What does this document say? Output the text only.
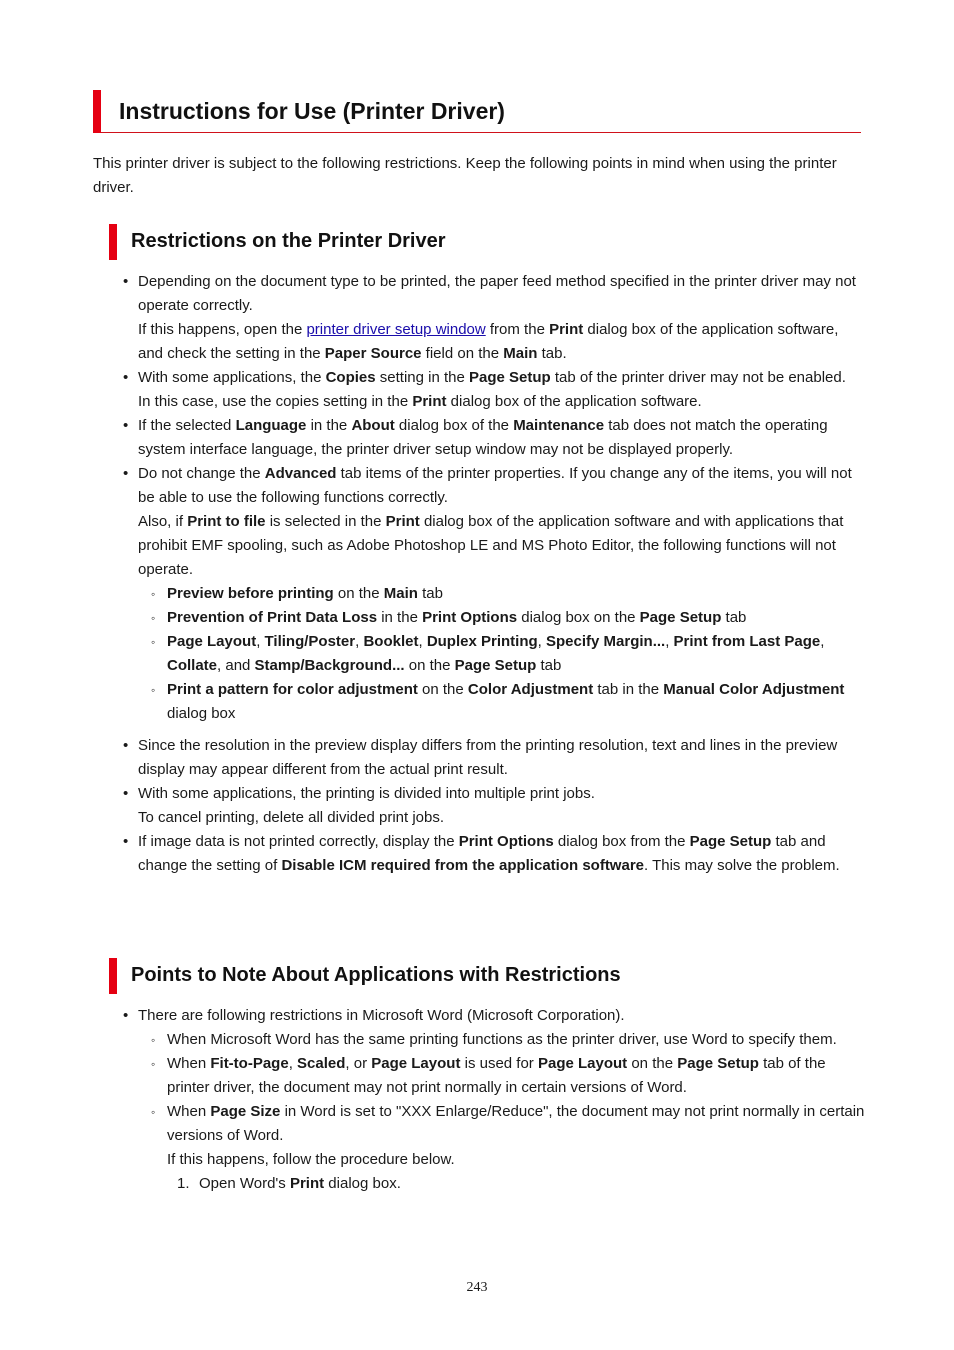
Instructions for Use (Printer Driver)
This printer driver is subject to the following restrictions. Keep the following points in mind when using the printer driver.
Restrictions on the Printer Driver
• Depending on the document type to be printed, the paper feed method specified in the printer driver may not operate correctly.
If this happens, open the printer driver setup window from the Print dialog box of the application software, and check the setting in the Paper Source field on the Main tab.
• With some applications, the Copies setting in the Page Setup tab of the printer driver may not be enabled.
In this case, use the copies setting in the Print dialog box of the application software.
• If the selected Language in the About dialog box of the Maintenance tab does not match the operating system interface language, the printer driver setup window may not be displayed properly.
• Do not change the Advanced tab items of the printer properties. If you change any of the items, you will not be able to use the following functions correctly.
Also, if Print to file is selected in the Print dialog box of the application software and with applications that prohibit EMF spooling, such as Adobe Photoshop LE and MS Photo Editor, the following functions will not operate.
◦ Preview before printing on the Main tab
◦ Prevention of Print Data Loss in the Print Options dialog box on the Page Setup tab
◦ Page Layout, Tiling/Poster, Booklet, Duplex Printing, Specify Margin..., Print from Last Page, Collate, and Stamp/Background... on the Page Setup tab
◦ Print a pattern for color adjustment on the Color Adjustment tab in the Manual Color Adjustment dialog box
• Since the resolution in the preview display differs from the printing resolution, text and lines in the preview display may appear different from the actual print result.
• With some applications, the printing is divided into multiple print jobs.
To cancel printing, delete all divided print jobs.
• If image data is not printed correctly, display the Print Options dialog box from the Page Setup tab and change the setting of Disable ICM required from the application software. This may solve the problem.
Points to Note About Applications with Restrictions
• There are following restrictions in Microsoft Word (Microsoft Corporation).
◦ When Microsoft Word has the same printing functions as the printer driver, use Word to specify them.
◦ When Fit-to-Page, Scaled, or Page Layout is used for Page Layout on the Page Setup tab of the printer driver, the document may not print normally in certain versions of Word.
◦ When Page Size in Word is set to "XXX Enlarge/Reduce", the document may not print normally in certain versions of Word.
If this happens, follow the procedure below.
1. Open Word's Print dialog box.
243
